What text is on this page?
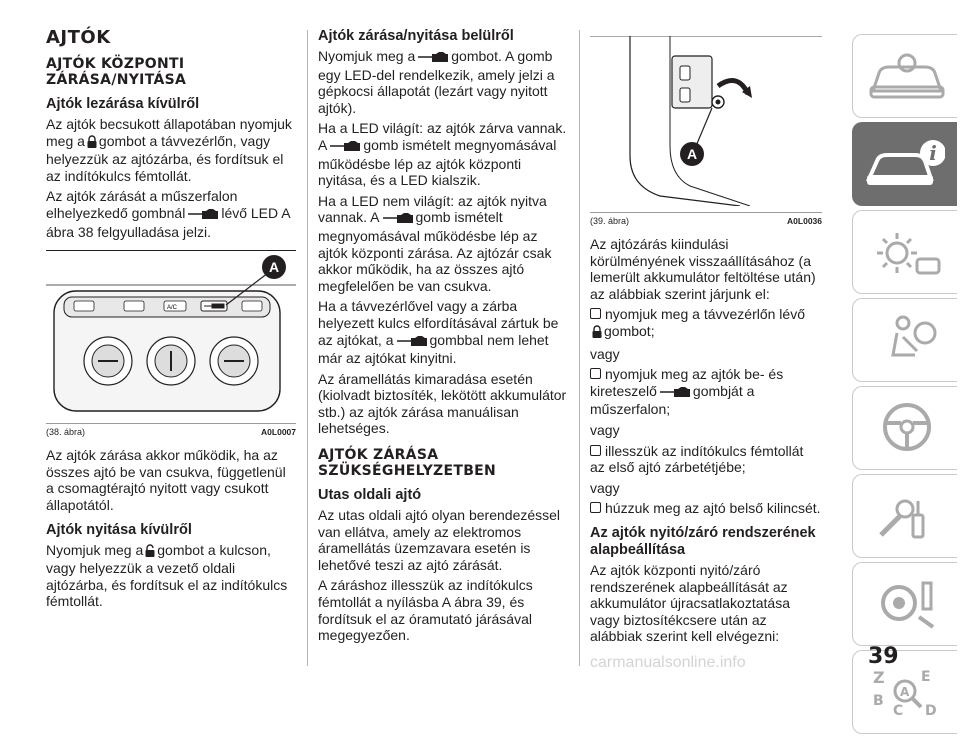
AJTÓK
AJTÓK KÖZPONTI ZÁRÁSA/NYITÁSA
Ajtók lezárása kívülről

Az ajtók becsukott állapotában nyomjuk meg a gombot a távvezérlőn, vagy helyezzük az ajtózárba, és fordítsuk el az indítókulcs fémtollát.

Az ajtók zárását a műszerfalon elhelyezkedő gombnál	lévő LED A ábra 38 felgyulladása jelzi.

A/C
A
(38. ábra)	A0L0007

Az ajtók zárása akkor működik, ha az összes ajtó be van csukva, függetlenül a csomagtérajtó nyitott vagy csukott állapotától.

Ajtók nyitása kívülről

Nyomjuk meg a gombot a kulcson, vagy helyezzük a vezető oldali ajtózárba, és fordítsuk el az indítókulcs fémtollát.

Ajtók zárása/nyitása belülről

Nyomjuk meg a	gombot. A gomb egy LED-del rendelkezik, amely jelzi a gépkocsi állapotát (lezárt vagy nyitott ajtók).

Ha a LED világít: az ajtók zárva vannak. A	gomb ismételt megnyomásával működésbe lép az ajtók központi nyitása, és a LED kialszik.

Ha a LED nem világít: az ajtók nyitva vannak. A	gomb ismételt megnyomásával működésbe lép az ajtók központi zárása. Az ajtózár csak akkor működik, ha az összes ajtó megfelelően be van csukva.

Ha a távvezérlővel vagy a zárba helyezett kulcs elfordításával zártuk be az ajtókat, a	gombbal nem lehet már az ajtókat kinyitni.

Az áramellátás kimaradása esetén (kiolvadt biztosíték, lekötött akkumulátor stb.) az ajtók zárása manuálisan lehetséges.

AJTÓK ZÁRÁSA SZÜKSÉGHELYZETBEN
Utas oldali ajtó

Az utas oldali ajtó olyan berendezéssel van ellátva, amely az elektromos áramellátás üzemzavara esetén is lehetővé teszi az ajtó zárását.

A záráshoz illesszük az indítókulcs fémtollát a nyílásba A ábra 39, és fordítsuk el az óramutató járásával megegyezően.

A
(39. ábra)	A0L0036

Az ajtózárás kiindulási körülményének visszaállításához (a lemerült akkumulátor feltöltése után) az alábbiak szerint járjunk el:

nyomjuk meg a távvezérlőn lévő
gombot;

vagy

nyomjuk meg az ajtók be- és kireteszelő	gombját a műszerfalon;

vagy

illesszük az indítókulcs fémtollát az első ajtó zárbetétjébe;

vagy

húzzuk meg az ajtó belső kilincsét.

Az ajtók nyitó/záró rendszerének alapbeállítása

Az ajtók központi nyitó/záró rendszerének alapbeállítását az akkumulátor újracsatlakoztatása vagy biztosítékcsere után az alábbiak szerint kell elvégezni:

i
Z	E
B
C D
A
39
carmanualsonline.info
